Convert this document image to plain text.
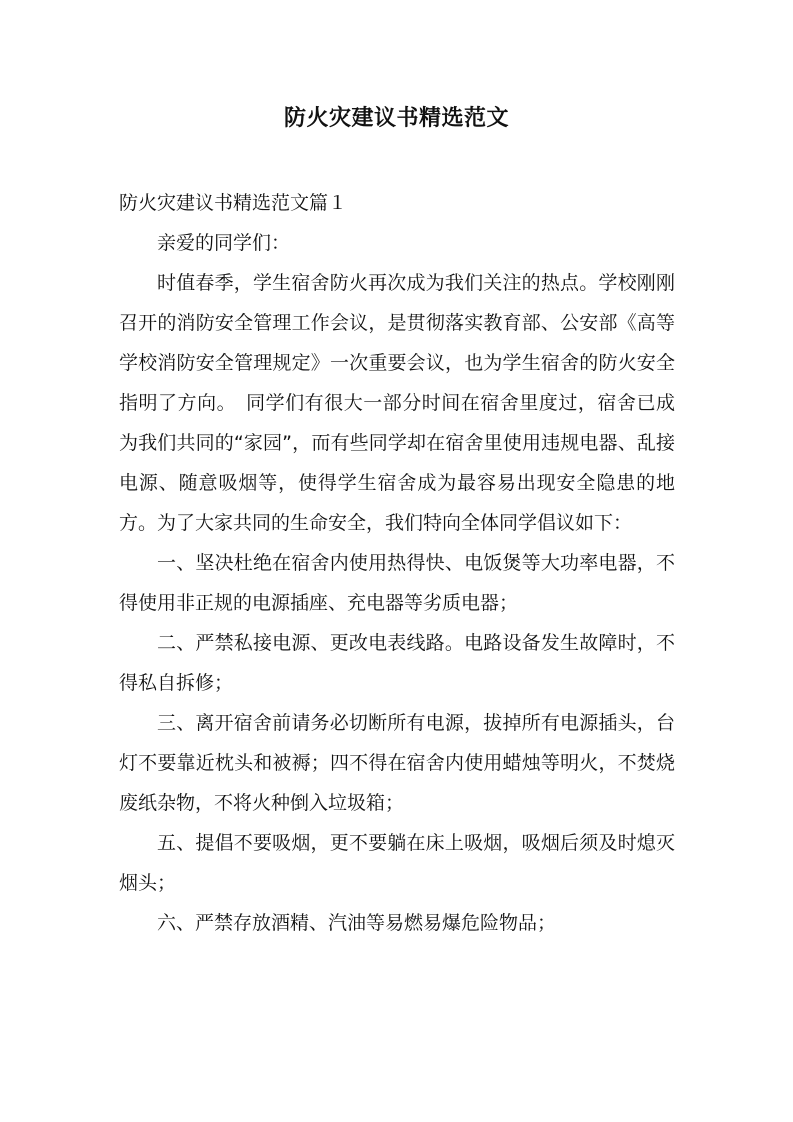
防火灾建议书精选范文

防火灾建议书精选范文篇１

亲爱的同学们：

时值春季，学生宿舍防火再次成为我们关注的热点。学校刚刚召开的消防安全管理工作会议，是贯彻落实教育部、公安部《高等学校消防安全管理规定》一次重要会议，也为学生宿舍的防火安全指明了方向。　同学们有很大一部分时间在宿舍里度过，宿舍已成为我们共同的“家园”，而有些同学却在宿舍里使用违规电器、乱接电源、随意吸烟等，使得学生宿舍成为最容易出现安全隐患的地方。为了大家共同的生命安全，我们特向全体同学倡议如下：

一、坚决杜绝在宿舍内使用热得快、电饭煲等大功率电器，不得使用非正规的电源插座、充电器等劣质电器；

二、严禁私接电源、更改电表线路。电路设备发生故障时，不得私自拆修；

三、离开宿舍前请务必切断所有电源，拔掉所有电源插头，台灯不要靠近枕头和被褥；四不得在宿舍内使用蜡烛等明火，不焚烧废纸杂物，不将火种倒入垃圾箱；

五、提倡不要吸烟，更不要躺在床上吸烟，吸烟后须及时熄灭烟头；

六、严禁存放酒精、汽油等易燃易爆危险物品；
